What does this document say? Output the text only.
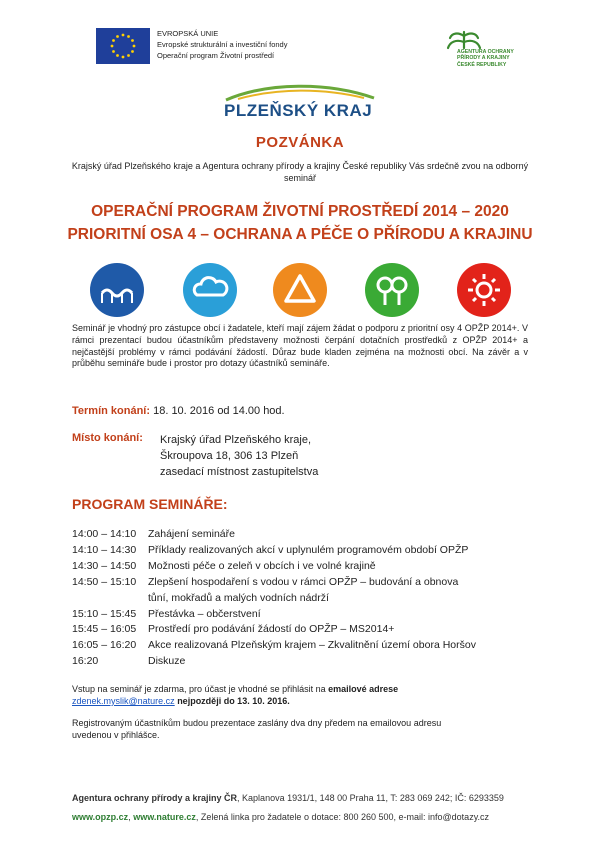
EVROPSKÁ UNIE
Evropské strukturální a investiční fondy
Operační program Životní prostředí	AGENTURA OCHRANY
PŘÍRODY A KRAJINY
ČESKÉ REPUBLIKY
PLZEŇSKÝ KRAJ
POZVÁNKA
Krajský úřad Plzeňského kraje a Agentura ochrany přírody a krajiny České republiky Vás srdečně zvou na odborný seminář
OPERAČNÍ PROGRAM ŽIVOTNÍ PROSTŘEDÍ 2014 – 2020
PRIORITNÍ OSA 4 – OCHRANA A PÉČE O PŘÍRODU A KRAJINU
Seminář je vhodný pro zástupce obcí i žadatele, kteří mají zájem žádat o podporu z prioritní osy 4 OPŽP 2014+. V rámci prezentací budou účastníkům představeny možnosti čerpání dotačních prostředků z OPŽP 2014+ a nejčastější problémy v rámci podávání žádostí. Důraz bude kladen zejména na možnosti obcí. Na závěr a v průběhu semináře bude i prostor pro dotazy účastníků semináře.
Termín konání: 18. 10. 2016 od 14.00 hod.
Místo konání: Krajský úřad Plzeňského kraje,
Škroupova 18, 306 13 Plzeň
zasedací místnost zastupitelstva
PROGRAM SEMINÁŘE:
14:00 – 14:10	Zahájení semináře
14:10 – 14:30	Příklady realizovaných akcí v uplynulém programovém období OPŽP
14:30 – 14:50	Možnosti péče o zeleň v obcích i ve volné krajině
14:50 – 15:10	Zlepšení hospodaření s vodou v rámci OPŽP – budování a obnova
tůní, mokřadů a malých vodních nádrží
15:10 – 15:45	Přestávka – občerstvení
15:45 – 16:05	Prostředí pro podávání žádostí do OPŽP – MS2014+
16:05 – 16:20	Akce realizovaná Plzeňským krajem – Zkvalitnění území obora Horšov
16:20	Diskuze
Vstup na seminář je zdarma, pro účast je vhodné se přihlásit na emailové adrese
zdenek.myslik@nature.cz nejpozději do 13. 10. 2016.
Registrovaným účastníkům budou prezentace zaslány dva dny předem na emailovou adresu uvedenou v přihlášce.
Agentura ochrany přírody a krajiny ČR, Kaplanova 1931/1, 148 00 Praha 11, T: 283 069 242; IČ: 6293359
www.opzp.cz, www.nature.cz, Zelená linka pro žadatele o dotace: 800 260 500, e-mail: info@dotazy.cz
